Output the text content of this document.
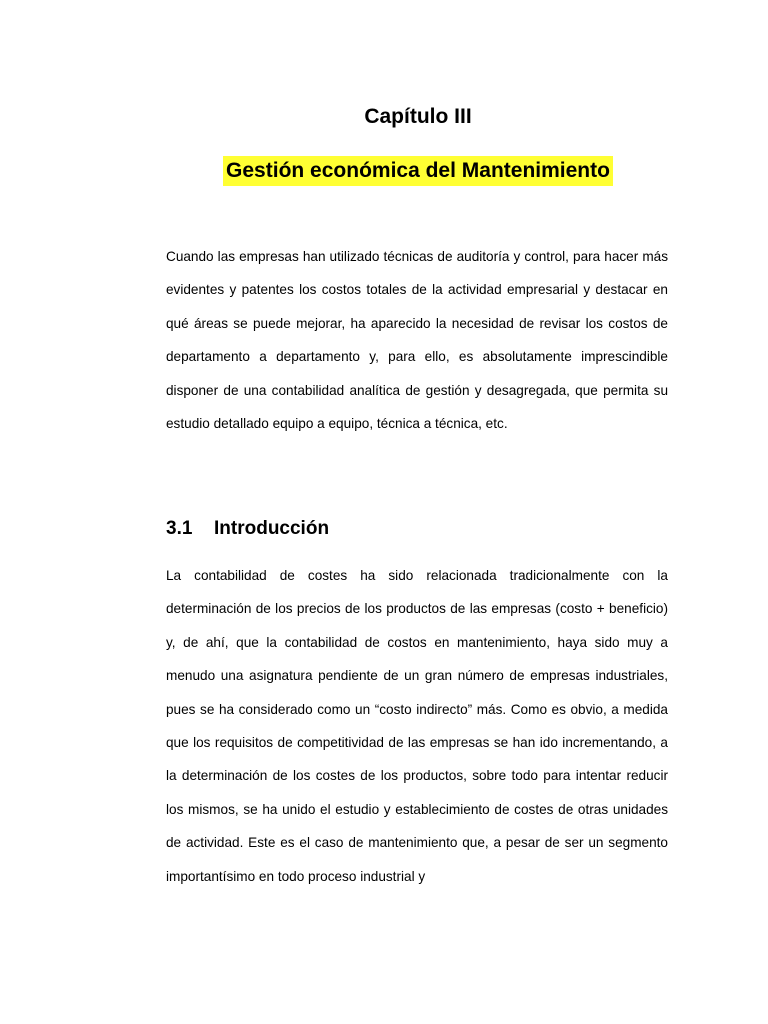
Capítulo III
Gestión económica del Mantenimiento

Cuando las empresas han utilizado técnicas de auditoría y control, para hacer más evidentes y patentes los costos totales de la actividad empresarial y destacar en qué áreas se puede mejorar, ha aparecido la necesidad de revisar los costos de departamento a departamento y, para ello, es absolutamente imprescindible disponer de una contabilidad analítica de gestión y desagregada, que permita su estudio detallado equipo a equipo, técnica a técnica, etc.

3.1 Introducción

La contabilidad de costes ha sido relacionada tradicionalmente con la determinación de los precios de los productos de las empresas (costo + beneficio) y, de ahí, que la contabilidad de costos en mantenimiento, haya sido muy a menudo una asignatura pendiente de un gran número de empresas industriales, pues se ha considerado como un “costo indirecto” más. Como es obvio, a medida que los requisitos de competitividad de las empresas se han ido incrementando, a la determinación de los costes de los productos, sobre todo para intentar reducir los mismos, se ha unido el estudio y establecimiento de costes de otras unidades de actividad. Este es el caso de mantenimiento que, a pesar de ser un segmento importantísimo en todo proceso industrial y
